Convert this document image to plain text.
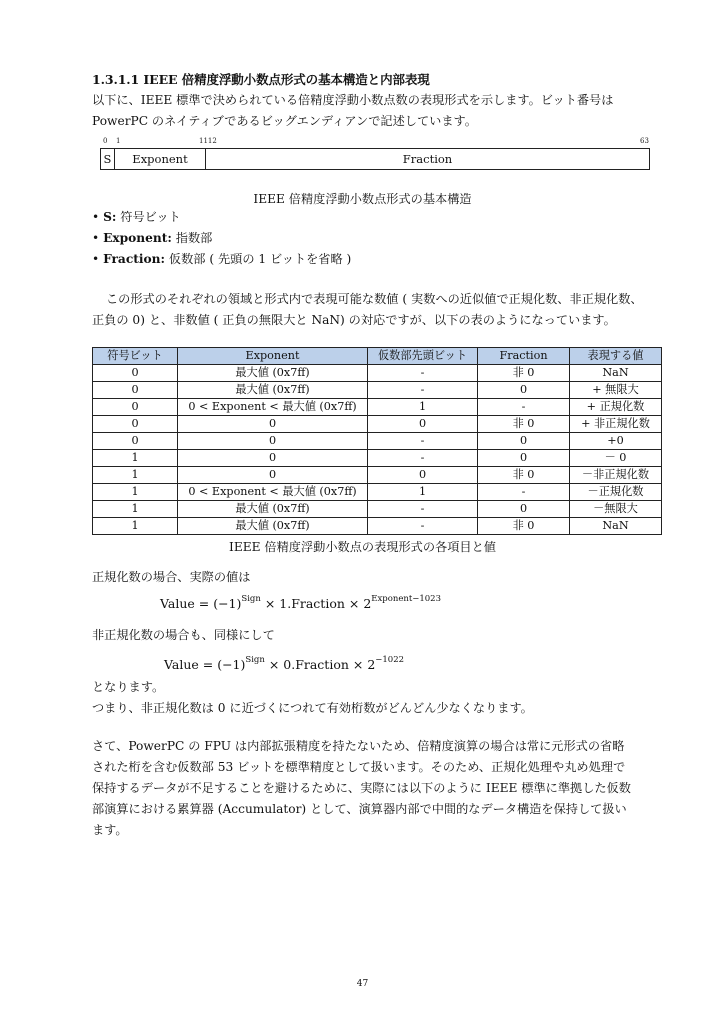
1.3.1.1 IEEE 倍精度浮動小数点形式の基本構造と内部表現
以下に、IEEE 標準で決められている倍精度浮動小数点数の表現形式を示します。ビット番号は
PowerPC のネイティブであるビッグエンディアンで記述しています。
0 1	1112	63
S	Exponent	Fraction
IEEE 倍精度浮動小数点形式の基本構造
• S: 符号ビット
• Exponent: 指数部
• Fraction: 仮数部 ( 先頭の 1 ビットを省略 )
この形式のそれぞれの領域と形式内で表現可能な数値 ( 実数への近似値で正規化数、非正規化数、
正負の 0) と、非数値 ( 正負の無限大と NaN) の対応ですが、以下の表のようになっています。
符号ビット	Exponent	仮数部先頭ビット	Fraction	表現する値
0	最大値 (0x7ff)	-	非 0	NaN
0	最大値 (0x7ff)	-	0	+ 無限大
0	0 < Exponent < 最大値 (0x7ff)	1	-	+ 正規化数
0	0	0	非 0	+ 非正規化数
0	0	-	0	+0
1	0	-	0	－ 0
1	0	0	非 0	－非正規化数
1	0 < Exponent < 最大値 (0x7ff)	1	-	－正規化数
1	最大値 (0x7ff)	-	0	－無限大
1	最大値 (0x7ff)	-	非 0	NaN
IEEE 倍精度浮動小数点の表現形式の各項目と値
正規化数の場合、実際の値は
Value = $(-1)^{Sign}$ × 1.Fraction × $2^{Exponent-1023}$
非正規化数の場合も、同様にして
Value = $(-1)^{Sign}$ × 0.Fraction × $2^{-1022}$
となります。
つまり、非正規化数は 0 に近づくにつれて有効桁数がどんどん少なくなります。
さて、PowerPC の FPU は内部拡張精度を持たないため、倍精度演算の場合は常に元形式の省略
された桁を含む仮数部 53 ビットを標準精度として扱います。そのため、正規化処理や丸め処理で
保持するデータが不足することを避けるために、実際には以下のように IEEE 標準に準拠した仮数
部演算における累算器 (Accumulator) として、演算器内部で中間的なデータ構造を保持して扱い
ます。
47
